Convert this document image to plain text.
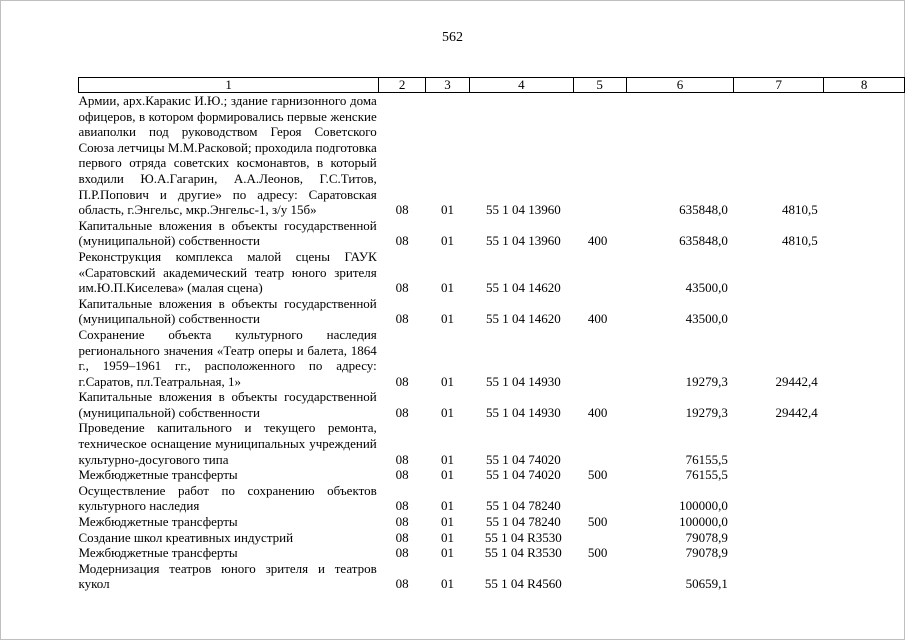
562
1	2	3	4	5	6	7	8
Армии, арх.Каракис И.Ю.; здание гарнизонного дома офицеров, в котором формировались первые женские авиаполки под руководством Героя Советского Союза летчицы М.М.Расковой; проходила подготовка первого отряда советских космонавтов, в который входили Ю.А.Гагарин, А.А.Леонов, Г.С.Титов, П.Р.Попович и другие» по адресу: Саратовская область, г.Энгельс, мкр.Энгельс-1, з/у 15б»	08	01	55 1 04 13960		635848,0	4810,5	
Капитальные вложения в объекты государственной (муниципальной) собственности	08	01	55 1 04 13960	400	635848,0	4810,5	
Реконструкция комплекса малой сцены ГАУК «Саратовский академический театр юного зрителя им.Ю.П.Киселева» (малая сцена)	08	01	55 1 04 14620		43500,0		
Капитальные вложения в объекты государственной (муниципальной) собственности	08	01	55 1 04 14620	400	43500,0		
Сохранение объекта культурного наследия регионального значения «Театр оперы и балета, 1864 г., 1959–1961 гг., расположенного по адресу: г.Саратов, пл.Театральная, 1»	08	01	55 1 04 14930		19279,3	29442,4	
Капитальные вложения в объекты государственной (муниципальной) собственности	08	01	55 1 04 14930	400	19279,3	29442,4	
Проведение капитального и текущего ремонта, техническое оснащение муниципальных учреждений культурно-досугового типа	08	01	55 1 04 74020		76155,5		
Межбюджетные трансферты	08	01	55 1 04 74020	500	76155,5		
Осуществление работ по сохранению объектов культурного наследия	08	01	55 1 04 78240		100000,0		
Межбюджетные трансферты	08	01	55 1 04 78240	500	100000,0		
Создание школ креативных индустрий	08	01	55 1 04 R3530		79078,9		
Межбюджетные трансферты	08	01	55 1 04 R3530	500	79078,9		
Модернизация театров юного зрителя и театров кукол	08	01	55 1 04 R4560		50659,1		
